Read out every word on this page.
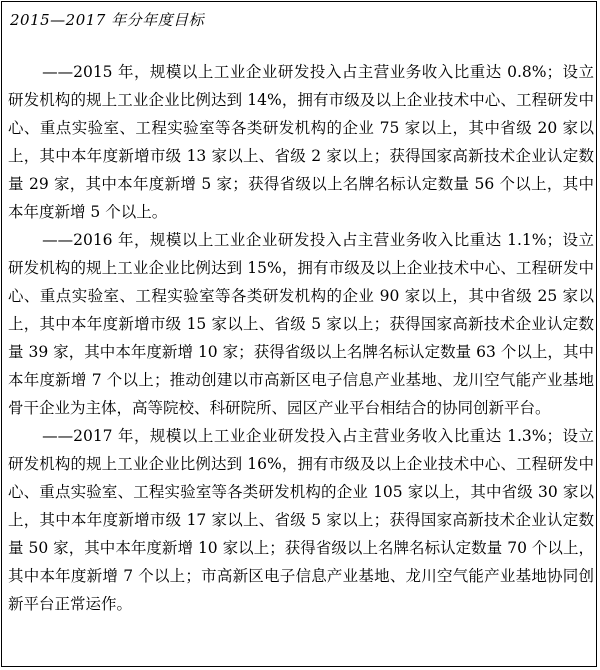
2015—2017 年分年度目标

——2015 年，规模以上工业企业研发投入占主营业务收入比重达 0.8%；设立研发机构的规上工业企业比例达到 14%，拥有市级及以上企业技术中心、工程研发中心、重点实验室、工程实验室等各类研发机构的企业 75 家以上，其中省级 20 家以上，其中本年度新增市级 13 家以上、省级 2 家以上；获得国家高新技术企业认定数量 29 家，其中本年度新增 5 家；获得省级以上名牌名标认定数量 56 个以上，其中本年度新增 5 个以上。

——2016 年，规模以上工业企业研发投入占主营业务收入比重达 1.1%；设立研发机构的规上工业企业比例达到 15%，拥有市级及以上企业技术中心、工程研发中心、重点实验室、工程实验室等各类研发机构的企业 90 家以上，其中省级 25 家以上，其中本年度新增市级 15 家以上、省级 5 家以上；获得国家高新技术企业认定数量 39 家，其中本年度新增 10 家；获得省级以上名牌名标认定数量 63 个以上，其中本年度新增 7 个以上；推动创建以市高新区电子信息产业基地、龙川空气能产业基地骨干企业为主体，高等院校、科研院所、园区产业平台相结合的协同创新平台。

——2017 年，规模以上工业企业研发投入占主营业务收入比重达 1.3%；设立研发机构的规上工业企业比例达到 16%，拥有市级及以上企业技术中心、工程研发中心、重点实验室、工程实验室等各类研发机构的企业 105 家以上，其中省级 30 家以上，其中本年度新增市级 17 家以上、省级 5 家以上；获得国家高新技术企业认定数量 50 家，其中本年度新增 10 家以上；获得省级以上名牌名标认定数量 70 个以上，其中本年度新增 7 个以上；市高新区电子信息产业基地、龙川空气能产业基地协同创新平台正常运作。
